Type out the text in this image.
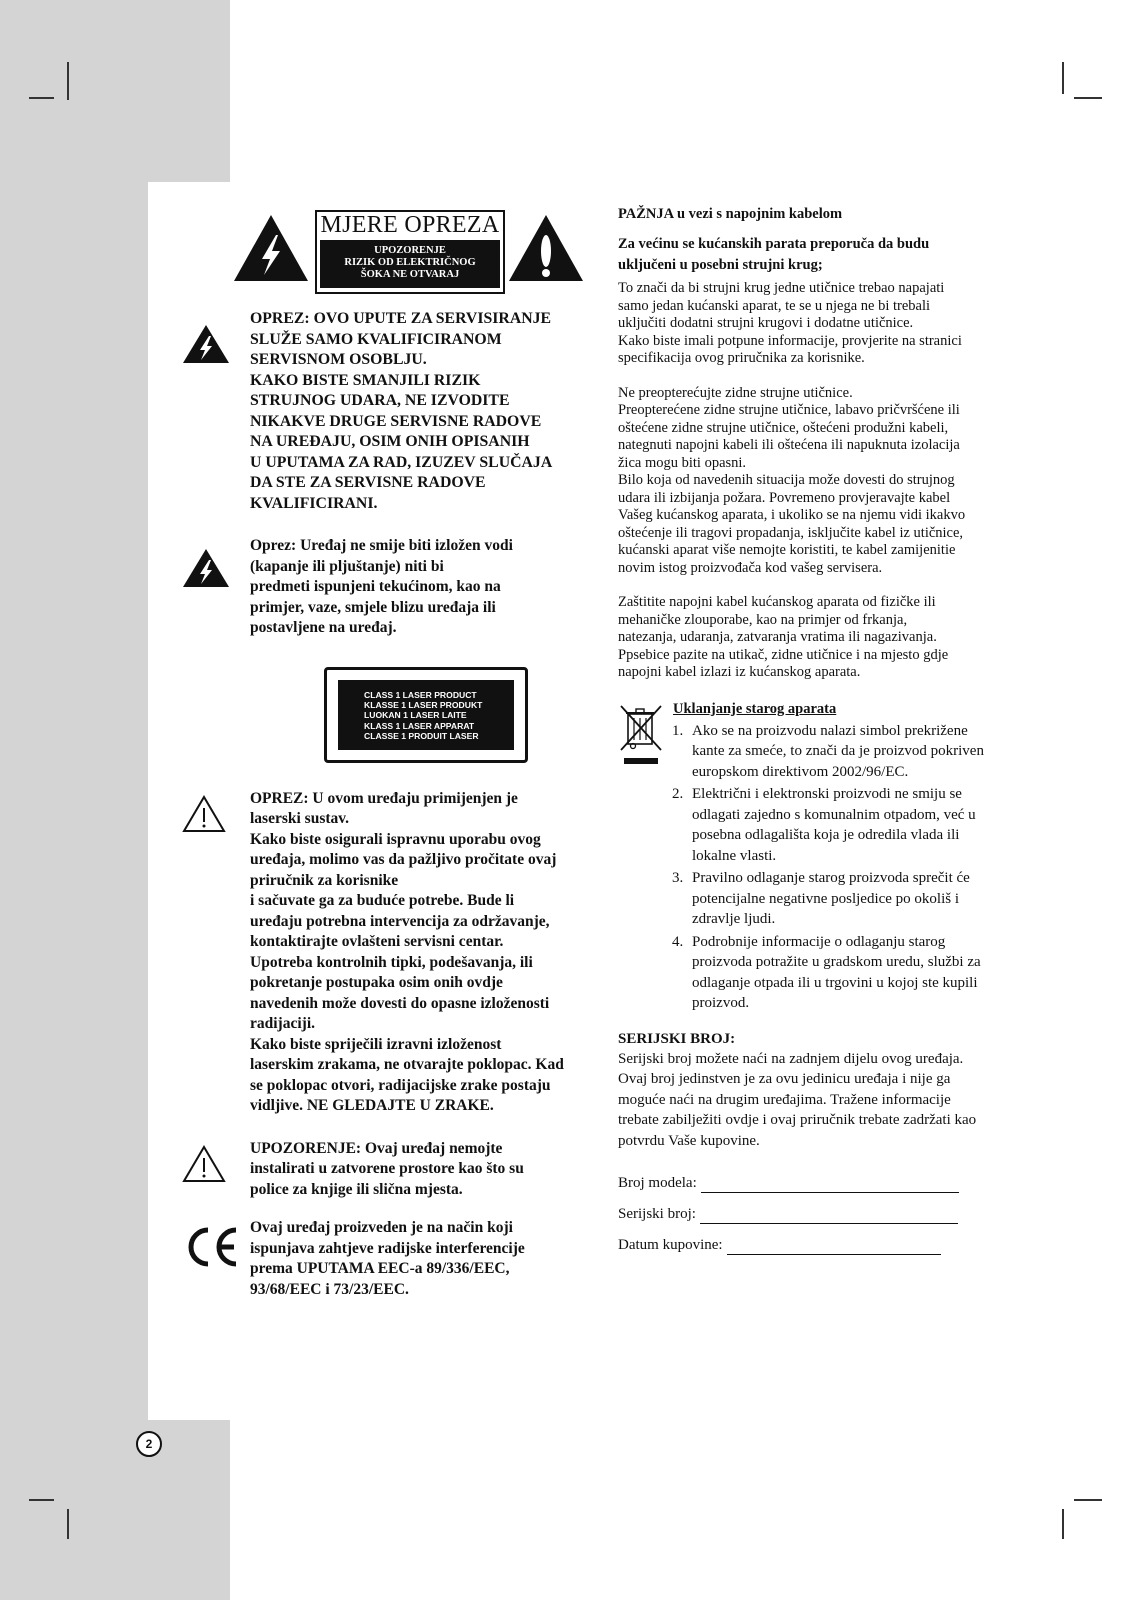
MJERE OPREZA
UPOZORENJE
RIZIK OD ELEKTRIČNOG
ŠOKA NE OTVARAJ
OPREZ: OVO UPUTE ZA SERVISIRANJE
SLUŽE SAMO KVALIFICIRANOM
SERVISNOM OSOBLJU.
KAKO BISTE SMANJILI RIZIK
STRUJNOG UDARA, NE IZVODITE
NIKAKVE DRUGE SERVISNE RADOVE
NA UREĐAJU, OSIM ONIH OPISANIH
U UPUTAMA ZA RAD, IZUZEV SLUČAJA
DA STE ZA SERVISNE RADOVE
KVALIFICIRANI.
Oprez: Uređaj ne smije biti izložen vodi
(kapanje ili pljuštanje) niti bi
predmeti ispunjeni tekućinom, kao na
primjer, vaze, smjele blizu uređaja ili
postavljene na uređaj.
CLASS 1 LASER PRODUCT
KLASSE 1 LASER PRODUKT
LUOKAN 1 LASER LAITE
KLASS 1 LASER APPARAT
CLASSE 1 PRODUIT LASER
OPREZ: U ovom uređaju primijenjen je
laserski sustav.
Kako biste osigurali ispravnu uporabu ovog
uređaja, molimo vas da pažljivo pročitate ovaj
priručnik za korisnike
i sačuvate ga za buduće potrebe. Bude li
uređaju potrebna intervencija za održavanje,
kontaktirajte ovlašteni servisni centar.
Upotreba kontrolnih tipki, podešavanja, ili
pokretanje postupaka osim onih ovdje
navedenih može dovesti do opasne izloženosti
radijaciji.
Kako biste spriječili izravni izloženost
laserskim zrakama, ne otvarajte poklopac. Kad
se poklopac otvori, radijacijske zrake postaju
vidljive. NE GLEDAJTE U ZRAKE.
UPOZORENJE: Ovaj uređaj nemojte
instalirati u zatvorene prostore kao što su
police za knjige ili slična mjesta.
Ovaj uređaj proizveden je na način koji
ispunjava zahtjeve radijske interferencije
prema UPUTAMA EEC-a 89/336/EEC,
93/68/EEC i 73/23/EEC.
PAŽNJA u vezi s napojnim kabelom
Za većinu se kućanskih parata preporuča da budu
uključeni u posebni strujni krug;

To znači da bi strujni krug jedne utičnice trebao napajati

samo jedan kućanski aparat, te se u njega ne bi trebali

uključiti dodatni strujni krugovi i dodatne utičnice.

Kako biste imali potpune informacije, provjerite na stranici

specifikacija ovog priručnika za korisnike.

Ne preopterećujte zidne strujne utičnice.

Preopterećene zidne strujne utičnice, labavo pričvršćene ili

oštećene zidne strujne utičnice, oštećeni produžni kabeli,

nategnuti napojni kabeli ili oštećena ili napuknuta izolacija

žica mogu biti opasni.

Bilo koja od navedenih situacija može dovesti do strujnog

udara ili izbijanja požara. Povremeno provjeravajte kabel

Vašeg kućanskog aparata, i ukoliko se na njemu vidi ikakvo

oštećenje ili tragovi propadanja, isključite kabel iz utičnice,

kućanski aparat više nemojte koristiti, te kabel zamijenitie

novim istog proizvođača kod vašeg servisera.

Zaštitite napojni kabel kućanskog aparata od fizičke ili

mehaničke zlouporabe, kao na primjer od frkanja,

natezanja, udaranja, zatvaranja vratima ili nagazivanja.

Ppsebice pazite na utikač, zidne utičnice i na mjesto gdje

napojni kabel izlazi iz kućanskog aparata.

Uklanjanje starog aparata
1. Ako se na proizvodu nalazi simbol prekrižene
kante za smeće, to znači da je proizvod pokriven
europskom direktivom 2002/96/EC.
2. Električni i elektronski proizvodi ne smiju se
odlagati zajedno s komunalnim otpadom, već u
posebna odlagališta koja je odredila vlada ili
lokalne vlasti.
3. Pravilno odlaganje starog proizvoda sprečit će
potencijalne negativne posljedice po okoliš i
zdravlje ljudi.
4. Podrobnije informacije o odlaganju starog
proizvoda potražite u gradskom uredu, službi za
odlaganje otpada ili u trgovini u kojoj ste kupili
proizvod.
SERIJSKI BROJ:
Serijski broj možete naći na zadnjem dijelu ovog uređaja.
Ovaj broj jedinstven je za ovu jedinicu uređaja i nije ga
moguće naći na drugim uređajima. Tražene informacije
trebate zabilježiti ovdje i ovaj priručnik trebate zadržati kao
potvrdu Vaše kupovine.
Broj modela:
Serijski broj:
Datum kupovine:
2
